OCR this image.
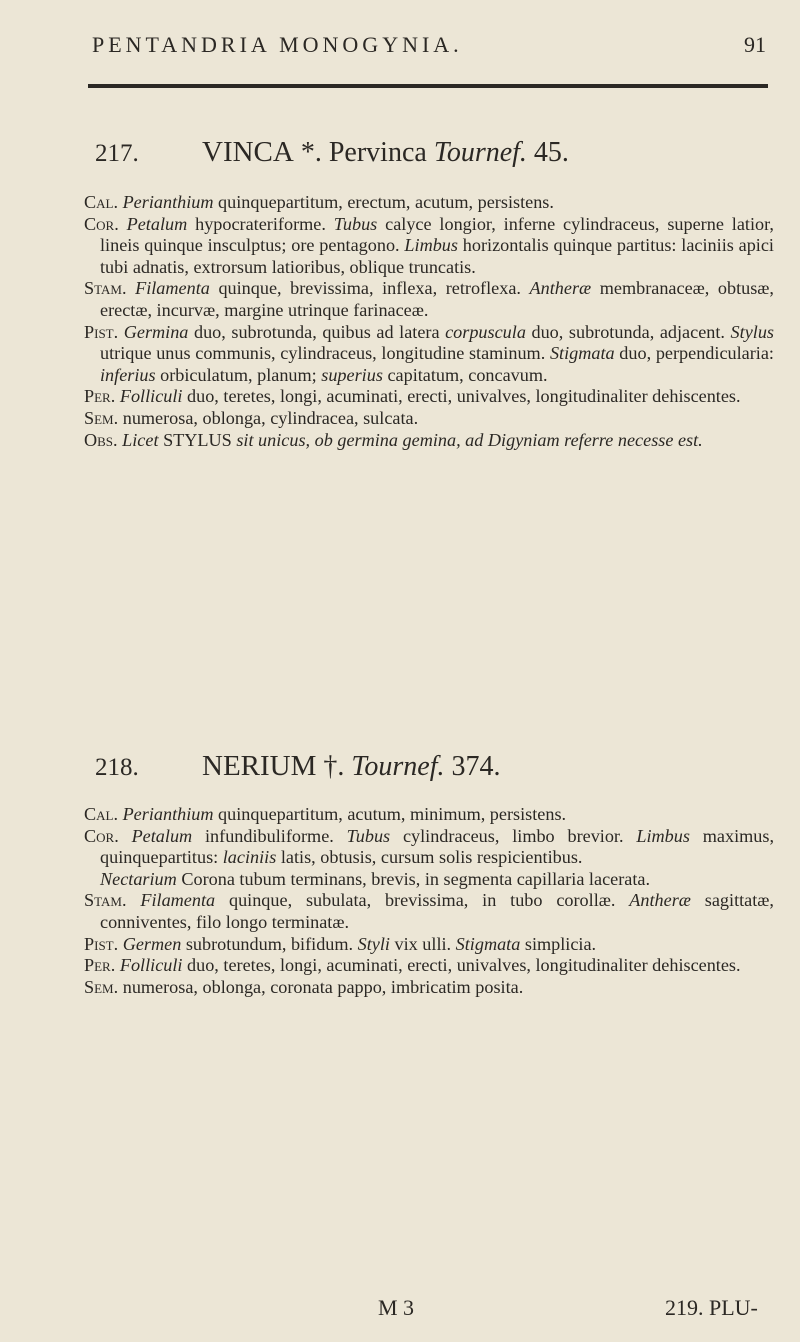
PENTANDRIA MONOGYNIA.	91
217. VINCA *. Pervinca Tournef. 45.

Cal. Perianthium quinquepartitum, erectum, acutum, persistens.

Cor. Petalum hypocrateriforme. Tubus calyce longior, inferne cylindraceus, superne latior, lineis quinque insculptus; ore pentagono. Limbus horizontalis quinque partitus: laciniis apici tubi adnatis, extrorsum latioribus, oblique truncatis.

Stam. Filamenta quinque, brevissima, inflexa, retroflexa. Antheræ membranaceæ, obtusæ, erectæ, incurvæ, margine utrinque farinaceæ.

Pist. Germina duo, subrotunda, quibus ad latera corpuscula duo, subrotunda, adjacent. Stylus utrique unus communis, cylindraceus, longitudine staminum. Stigmata duo, perpendicularia: inferius orbiculatum, planum; superius capitatum, concavum.

Per. Folliculi duo, teretes, longi, acuminati, erecti, univalves, longitudinaliter dehiscentes.

Sem. numerosa, oblonga, cylindracea, sulcata.

Obs. Licet STYLUS sit unicus, ob germina gemina, ad Digyniam referre necesse est.

218. NERIUM †. Tournef. 374.

Cal. Perianthium quinquepartitum, acutum, minimum, persistens.

Cor. Petalum infundibuliforme. Tubus cylindraceus, limbo brevior. Limbus maximus, quinquepartitus: laciniis latis, obtusis, cursum solis respicientibus.

Nectarium Corona tubum terminans, brevis, in segmenta capillaria lacerata.

Stam. Filamenta quinque, subulata, brevissima, in tubo corollæ. Antheræ sagittatæ, conniventes, filo longo terminatæ.

Pist. Germen subrotundum, bifidum. Styli vix ulli. Stigmata simplicia.

Per. Folliculi duo, teretes, longi, acuminati, erecti, univalves, longitudinaliter dehiscentes.

Sem. numerosa, oblonga, coronata pappo, imbricatim posita.

M 3	219. PLU-
